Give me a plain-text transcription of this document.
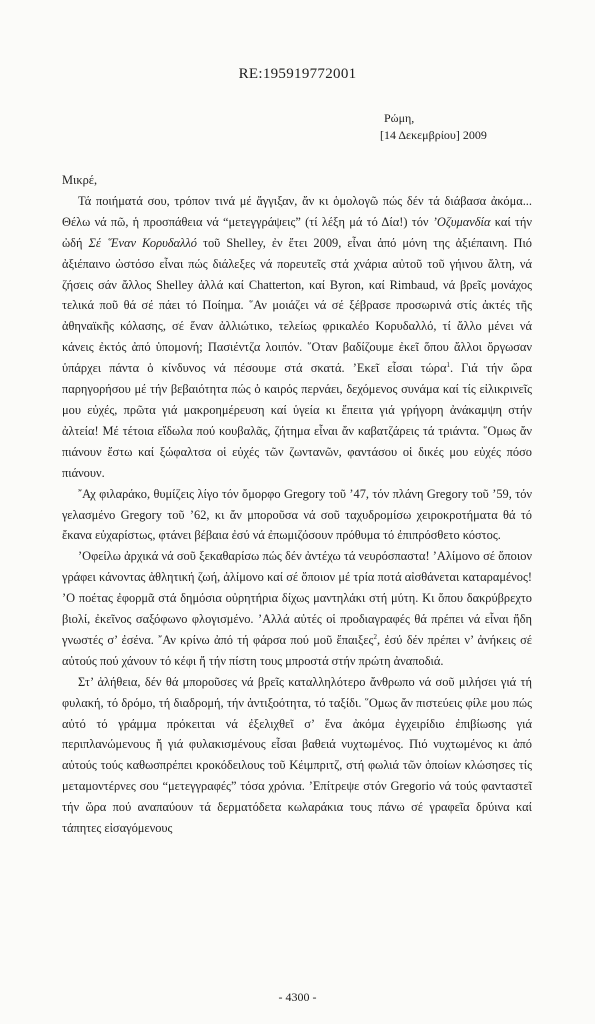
RE:195919772001
Ρώμη,
[14 Δεκεμβρίου] 2009

Μικρέ,

Τά ποιήματά σου, τρόπον τινά μέ ἄγγιξαν, ἄν κι ὁμολογῶ πώς δέν τά διάβασα ἀκόμα... Θέλω νά πῶ, ἡ προσπάθεια νά “μετεγγράψεις” (τί λέξη μά τό Δία!) τόν ’Οζυμανδία καί τήν ὠδή Σέ ῞Εναν Κορυδαλλό τοῦ Shelley, ἐν ἔτει 2009, εἶναι ἀπό μόνη της ἀξιέπαινη. Πιό ἀξιέπαινο ὡστόσο εἶναι πώς διάλεξες νά πορευτεῖς στά χνάρια αὐτοῦ τοῦ γήινου ἄλτη, νά ζήσεις σάν ἄλλος Shelley ἀλλά καί Chatterton, καί Byron, καί Rimbaud, νά βρεῖς μονάχος τελικά ποῦ θά σέ πάει τό Ποίημα. ῞Αν μοιάζει νά σέ ξέβρασε προσωρινά στίς ἀκτές τῆς ἀθηναϊκῆς κόλασης, σέ ἕναν ἀλλιώτικο, τελείως φρικαλέο Κορυδαλλό, τί ἄλλο μένει νά κάνεις ἐκτός ἀπό ὑπομονή; Πασιέντζα λοιπόν. ῞Οταν βαδίζουμε ἐκεῖ ὅπου ἄλλοι ὄργωσαν ὑπάρχει πάντα ὁ κίνδυνος νά πέσουμε στά σκατά. ’Εκεῖ εἶσαι τώρα$^1$. Γιά τήν ὥρα παρηγορήσου μέ τήν βεβαιότητα πώς ὁ καιρός περνάει, δεχόμενος συνάμα καί τίς εἰλικρινεῖς μου εὐχές, πρῶτα γιά μακροημέρευση καί ὑγεία κι ἔπειτα γιά γρήγορη ἀνάκαμψη στήν ἀλτεία! Μέ τέτοια εἴδωλα πού κουβαλᾶς, ζήτημα εἶναι ἄν καβατζάρεις τά τριάντα. ῞Ομως ἄν πιάνουν ἔστω καί ξώφαλτσα οἱ εὐχές τῶν ζωντανῶν, φαντάσου οἱ δικές μου εὐχές πόσο πιάνουν.

῎Αχ φιλαράκο, θυμίζεις λίγο τόν ὄμορφο Gregory τοῦ ’47, τόν πλάνη Gregory τοῦ ’59, τόν γελασμένο Gregory τοῦ ’62, κι ἄν μποροῦσα νά σοῦ ταχυδρομίσω χειροκροτήματα θά τό ἔκανα εὐχαρίστως, φτάνει βέβαια ἐσύ νά ἐπωμιζόσουν πρόθυμα τό ἐπιπρόσθετο κόστος.

’Οφείλω ἀρχικά νά σοῦ ξεκαθαρίσω πώς δέν ἀντέχω τά νευρόσπαστα! ’Αλίμονο σέ ὅποιον γράφει κάνοντας ἀθλητική ζωή, ἀλίμονο καί σέ ὅποιον μέ τρία ποτά αἰσθάνεται καταραμένος! ’Ο ποέτας ἐφορμᾶ στά δημόσια οὐρητήρια δίχως μαντηλάκι στή μύτη. Κι ὅπου δακρύβρεχτο βιολί, ἐκεῖνος σαξόφωνο φλογισμένο. ’Αλλά αὐτές οἱ προδιαγραφές θά πρέπει νά εἶναι ἤδη γνωστές σ’ ἐσένα. ῎Αν κρίνω ἀπό τή φάρσα πού μοῦ ἔπαιξες$^2$, ἐσύ δέν πρέπει ν’ ἀνήκεις σέ αὐτούς πού χάνουν τό κέφι ἤ τήν πίστη τους μπροστά στήν πρώτη ἀναποδιά.

Στ’ ἀλήθεια, δέν θά μποροῦσες νά βρεῖς καταλληλότερο ἄνθρωπο νά σοῦ μιλήσει γιά τή φυλακή, τό δρόμο, τή διαδρομή, τήν ἀντιξοότητα, τό ταξίδι. ῞Ομως ἄν πιστεύεις φίλε μου πώς αὐτό τό γράμμα πρόκειται νά ἐξελιχθεῖ σ’ ἕνα ἀκόμα ἐγχειρίδιο ἐπιβίωσης γιά περιπλανώμενους ἤ γιά φυλακισμένους εἶσαι βαθειά νυχτωμένος. Πιό νυχτωμένος κι ἀπό αὐτούς τούς καθωσπρέπει κροκόδειλους τοῦ Κέιμπριτζ, στή φωλιά τῶν ὁποίων κλώσησες τίς μεταμοντέρνες σου “μετεγγραφές” τόσα χρόνια. ’Επίτρεψε στόν Gregorio νά τούς φανταστεῖ τήν ὥρα πού αναπαύουν τά δερματόδετα κωλαράκια τους πάνω σέ γραφεῖα δρύινα καί τάπητες εἰσαγόμενους

- 4300 -
